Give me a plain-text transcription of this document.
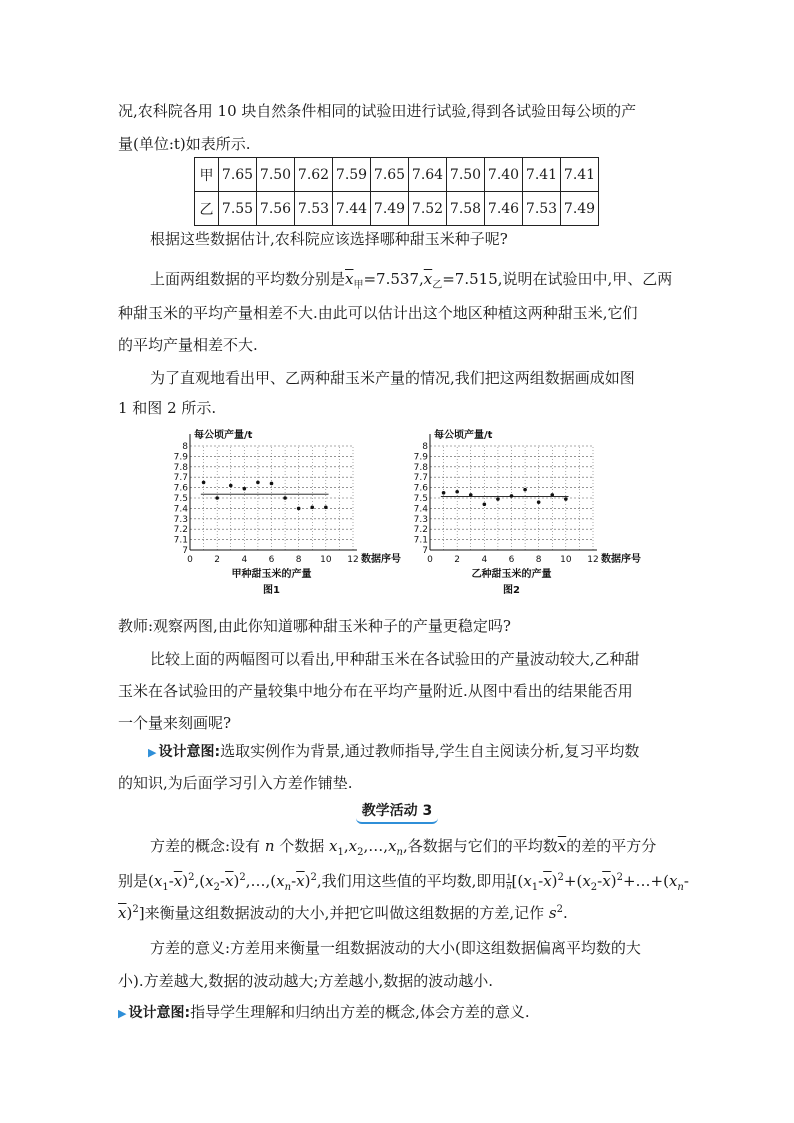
况,农科院各用 10 块自然条件相同的试验田进行试验,得到各试验田每公顷的产
量(单位:t)如表所示.
甲	7.65	7.50	7.62	7.59	7.65	7.64	7.50	7.40	7.41	7.41
乙	7.55	7.56	7.53	7.44	7.49	7.52	7.58	7.46	7.53	7.49
根据这些数据估计,农科院应该选择哪种甜玉米种子呢?
上面两组数据的平均数分别是$\overline{x}_甲=7.537,\overline{x}_乙=7.515$,说明在试验田中,甲、乙两
种甜玉米的平均产量相差不大.由此可以估计出这个地区种植这两种甜玉米,它们
的平均产量相差不大.
为了直观地看出甲、乙两种甜玉米产量的情况,我们把这两组数据画成如图
1 和图 2 所示.
7
7.1
7.2
7.3
7.4
7.5
7.6
7.7
7.8
7.9
8
0 2 4 6 8 10 12
每公顷产量/t
数据序号
甲种甜玉米的产量
图1
7
7.1
7.2
7.3
7.4
7.5
7.6
7.7
7.8
7.9
8
0 2 4 6 8 10 12
每公顷产量/t
数据序号
乙种甜玉米的产量
图2
教师:观察两图,由此你知道哪种甜玉米种子的产量更稳定吗?
比较上面的两幅图可以看出,甲种甜玉米在各试验田的产量波动较大,乙种甜
玉米在各试验田的产量较集中地分布在平均产量附近.从图中看出的结果能否用
一个量来刻画呢?
▶ 设计意图:选取实例作为背景,通过教师指导,学生自主阅读分析,复习平均数
的知识,为后面学习引入方差作铺垫.
教学活动 3
方差的概念:设有 n 个数据 $x_1,x_2,\dots,x_n$,各数据与它们的平均数$\overline{x}$的差的平方分
别是$(x_1-\overline{x})^2,(x_2-\overline{x})^2,\dots,(x_n-\overline{x})^2$,我们用这些值的平均数,即用 $\frac{1}{n}$ [$(x_1-\overline{x})^2+(x_2-\overline{x})^2+\dots+(x_n-$
$\overline{x})^2$]来衡量这组数据波动的大小,并把它叫做这组数据的方差,记作 $s^2$.
方差的意义:方差用来衡量一组数据波动的大小(即这组数据偏离平均数的大
小).方差越大,数据的波动越大;方差越小,数据的波动越小.
▶ 设计意图:指导学生理解和归纳出方差的概念,体会方差的意义.
